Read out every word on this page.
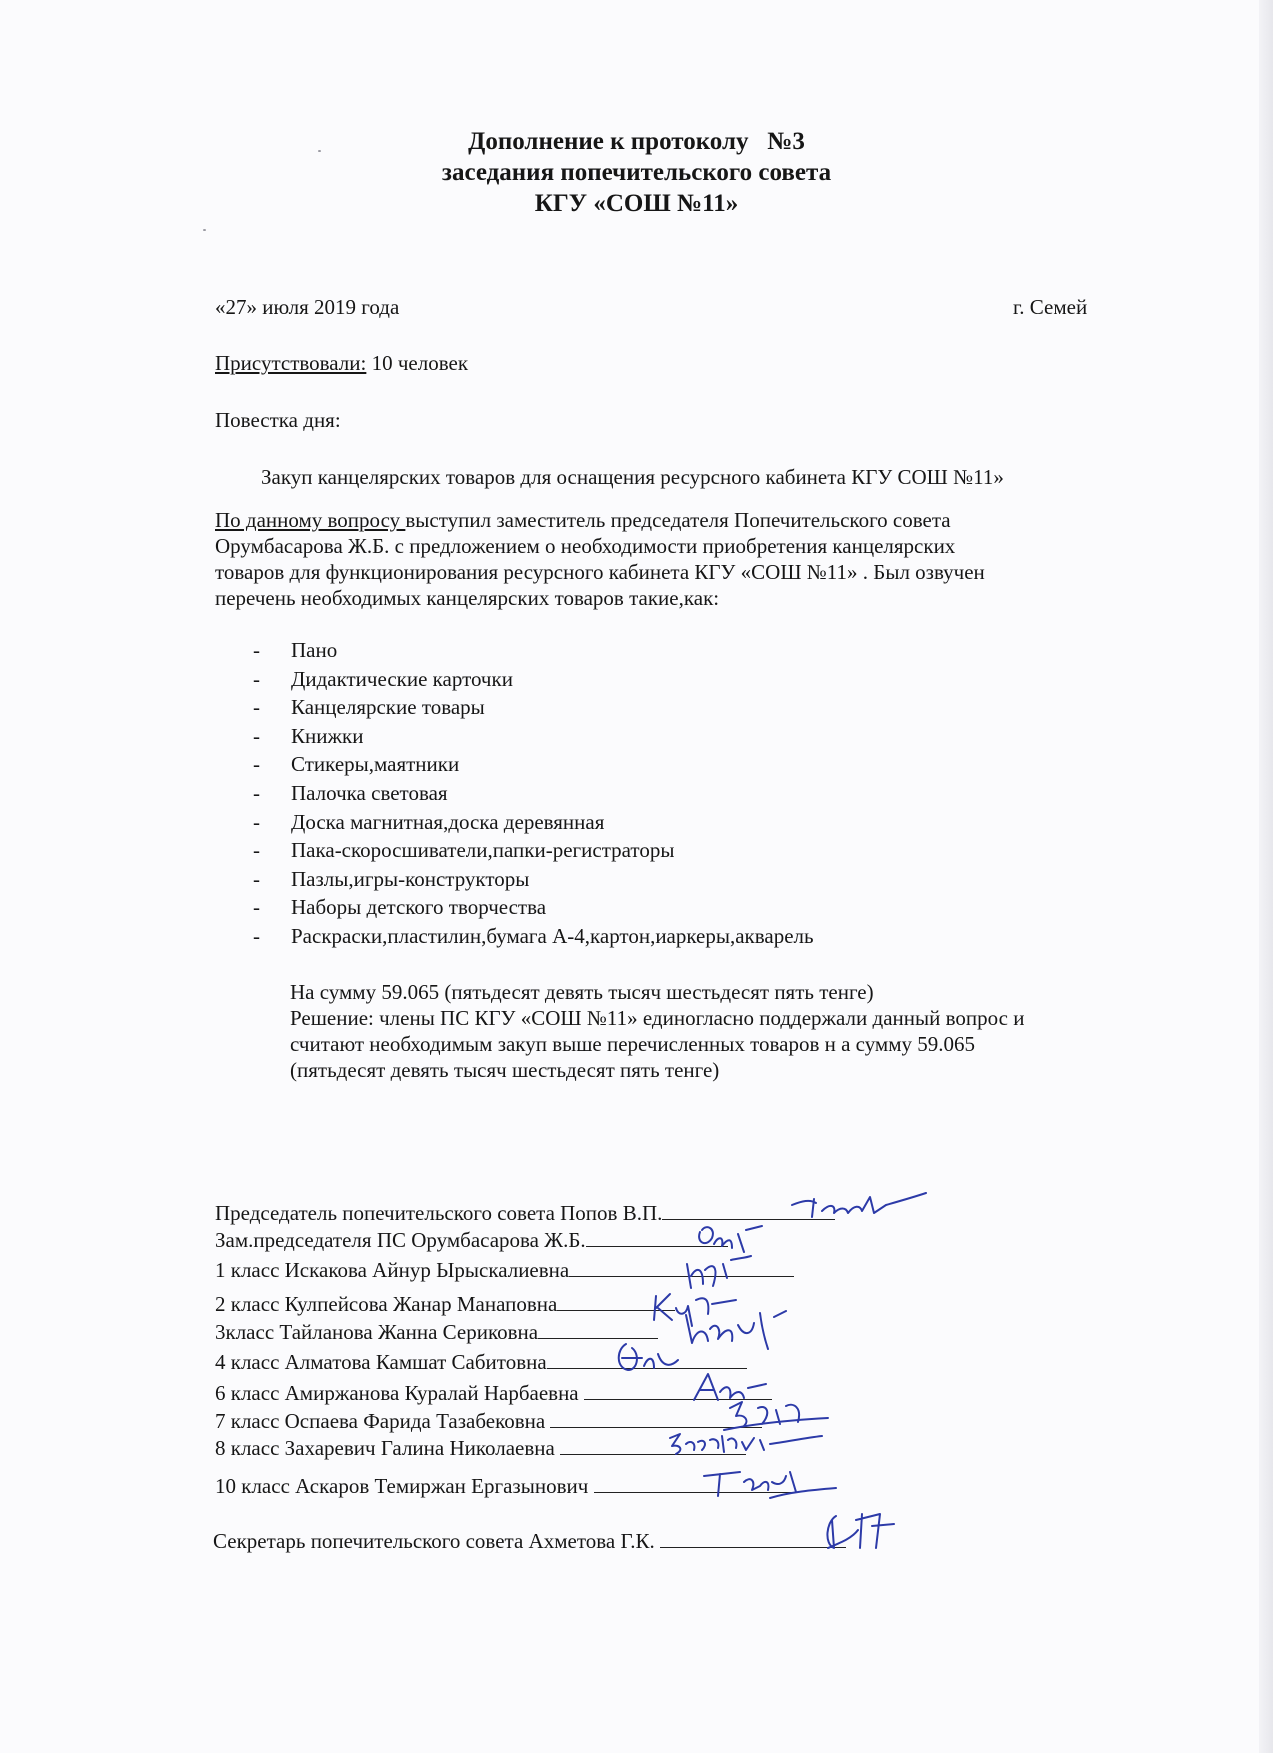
Дополнение к протоколу   №3
заседания попечительского совета
КГУ «СОШ №11»
«27» июля 2019 года	г. Семей
Присутствовали: 10 человек
Повестка дня:
Закуп канцелярских товаров для оснащения ресурсного кабинета КГУ СОШ №11»
По данному вопросу выступил заместитель председателя Попечительского совета
Орумбасарова Ж.Б. с предложением о необходимости приобретения канцелярских
товаров для функционирования ресурсного кабинета КГУ «СОШ №11» . Был озвучен
перечень необходимых канцелярских товаров такие,как:
- Пано
- Дидактические карточки
- Канцелярские товары
- Книжки
- Стикеры,маятники
- Палочка световая
- Доска магнитная,доска деревянная
- Пака-скоросшиватели,папки-регистраторы
- Пазлы,игры-конструкторы
- Наборы детского творчества
- Раскраски,пластилин,бумага А-4,картон,иаркеры,акварель
На сумму 59.065 (пятьдесят девять тысяч шестьдесят пять тенге)
Решение: члены ПС КГУ «СОШ №11» единогласно поддержали данный вопрос и
считают необходимым закуп выше перечисленных товаров н а сумму 59.065
(пятьдесят девять тысяч шестьдесят пять тенге)
Председатель попечительского совета Попов В.П.
Зам.председателя ПС Орумбасарова Ж.Б.
1 класс Искакова Айнур Ырыскалиевна
2 класс Кулпейсова Жанар Манаповна
3класс Тайланова Жанна Сериковна
4 класс Алматова Камшат Сабитовна
6 класс Амиржанова Куралай Нарбаевна
7 класс Оспаева Фарида Тазабековна
8 класс Захаревич Галина Николаевна
10 класс Аскаров Темиржан Ергазынович
Секретарь попечительского совета Ахметова Г.К.
